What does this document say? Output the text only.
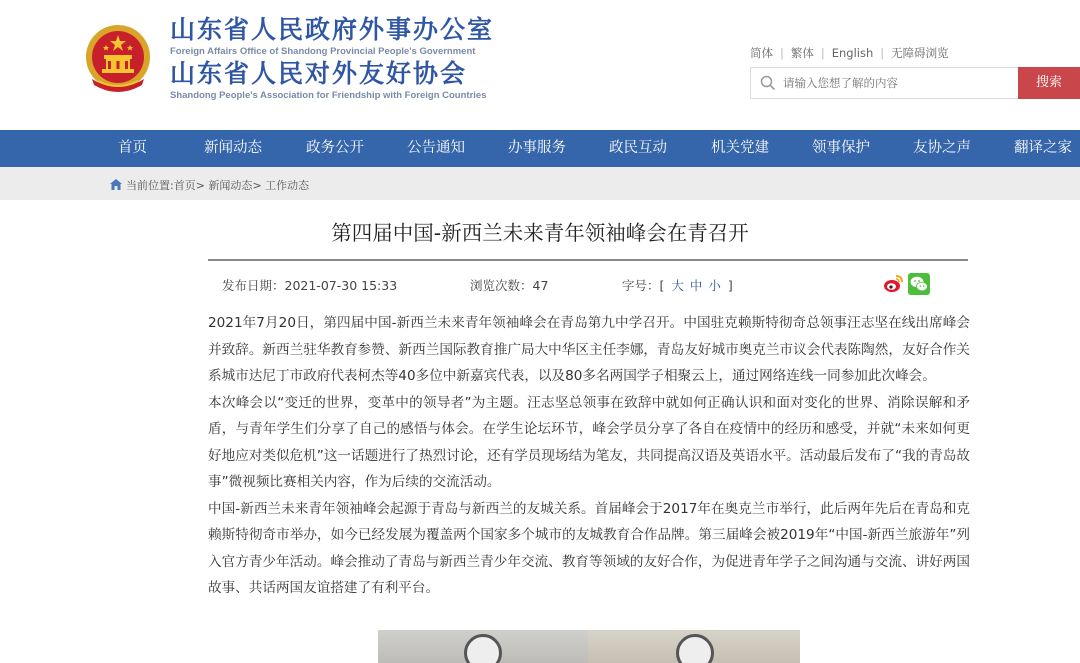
山东省人民政府外事办公室
Foreign Affairs Office of Shandong Provincial People's Government
山东省人民对外友好协会
Shandong People's Association for Friendship with Foreign Countries
简体 | 繁体 | English | 无障碍浏览
请输入您想了解的内容
搜索
首页	新闻动态	政务公开	公告通知	办事服务	政民互动	机关党建	领事保护	友协之声	翻译之家
当前位置:首页> 新闻动态> 工作动态
第四届中国-新西兰未来青年领袖峰会在青召开
发布日期：2021-07-30 15:33	浏览次数：47	字号：[ 大 中 小 ]

2021年7月20日，第四届中国-新西兰未来青年领袖峰会在青岛第九中学召开。中国驻克赖斯特彻奇总领事汪志坚在线出席峰会并致辞。新西兰驻华教育参赞、新西兰国际教育推广局大中华区主任李娜，青岛友好城市奥克兰市议会代表陈陶然，友好合作关系城市达尼丁市政府代表柯杰等40多位中新嘉宾代表，以及80多名两国学子相聚云上，通过网络连线一同参加此次峰会。

本次峰会以“变迁的世界，变革中的领导者”为主题。汪志坚总领事在致辞中就如何正确认识和面对变化的世界、消除误解和矛盾，与青年学生们分享了自己的感悟与体会。在学生论坛环节，峰会学员分享了各自在疫情中的经历和感受，并就“未来如何更好地应对类似危机”这一话题进行了热烈讨论，还有学员现场结为笔友，共同提高汉语及英语水平。活动最后发布了“我的青岛故事”微视频比赛相关内容，作为后续的交流活动。

中国-新西兰未来青年领袖峰会起源于青岛与新西兰的友城关系。首届峰会于2017年在奥克兰市举行，此后两年先后在青岛和克赖斯特彻奇市举办，如今已经发展为覆盖两个国家多个城市的友城教育合作品牌。第三届峰会被2019年“中国-新西兰旅游年”列入官方青少年活动。峰会推动了青岛与新西兰青少年交流、教育等领域的友好合作，为促进青年学子之间沟通与交流、讲好两国故事、共话两国友谊搭建了有利平台。
